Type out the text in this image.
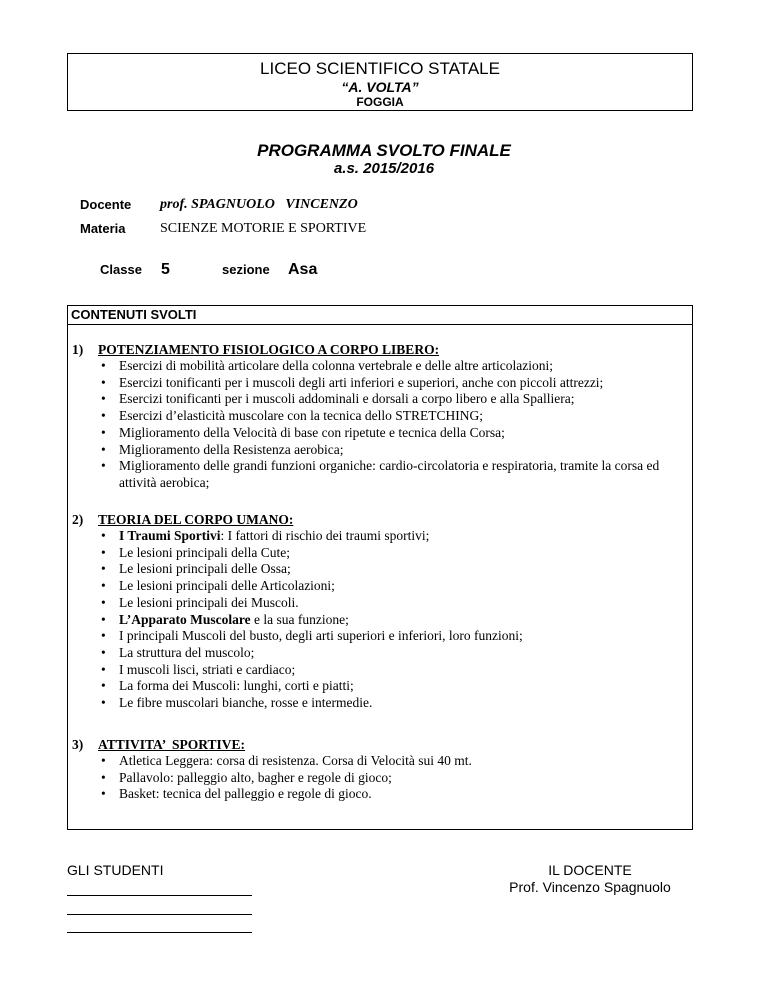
LICEO SCIENTIFICO STATALE
“A. VOLTA”
FOGGIA
PROGRAMMA SVOLTO FINALE
a.s. 2015/2016
Docente prof. SPAGNUOLO   VINCENZO
Materia SCIENZE MOTORIE E SPORTIVE
Classe 5	sezione Asa
CONTENUTI SVOLTI
1) POTENZIAMENTO FISIOLOGICO A CORPO LIBERO:
• Esercizi di mobilità articolare della colonna vertebrale e delle altre articolazioni;
• Esercizi tonificanti per i muscoli degli arti inferiori e superiori, anche con piccoli attrezzi;
• Esercizi tonificanti per i muscoli addominali e dorsali a corpo libero e alla Spalliera;
• Esercizi d’elasticità muscolare con la tecnica dello STRETCHING;
• Miglioramento della Velocità di base con ripetute e tecnica della Corsa;
• Miglioramento della Resistenza aerobica;
• Miglioramento delle grandi funzioni organiche: cardio-circolatoria e respiratoria, tramite la corsa ed attività aerobica;
2) TEORIA DEL CORPO UMANO:
• I Traumi Sportivi: I fattori di rischio dei traumi sportivi;
• Le lesioni principali della Cute;
• Le lesioni principali delle Ossa;
• Le lesioni principali delle Articolazioni;
• Le lesioni principali dei Muscoli.
• L’Apparato Muscolare e la sua funzione;
• I principali Muscoli del busto, degli arti superiori e inferiori, loro funzioni;
• La struttura del muscolo;
• I muscoli lisci, striati e cardiaco;
• La forma dei Muscoli: lunghi, corti e piatti;
• Le fibre muscolari bianche, rosse e intermedie.
3) ATTIVITA’  SPORTIVE:
• Atletica Leggera: corsa di resistenza. Corsa di Velocità sui 40 mt.
• Pallavolo: palleggio alto, bagher e regole di gioco;
• Basket: tecnica del palleggio e regole di gioco.
GLI STUDENTI	IL DOCENTE
Prof. Vincenzo Spagnuolo
